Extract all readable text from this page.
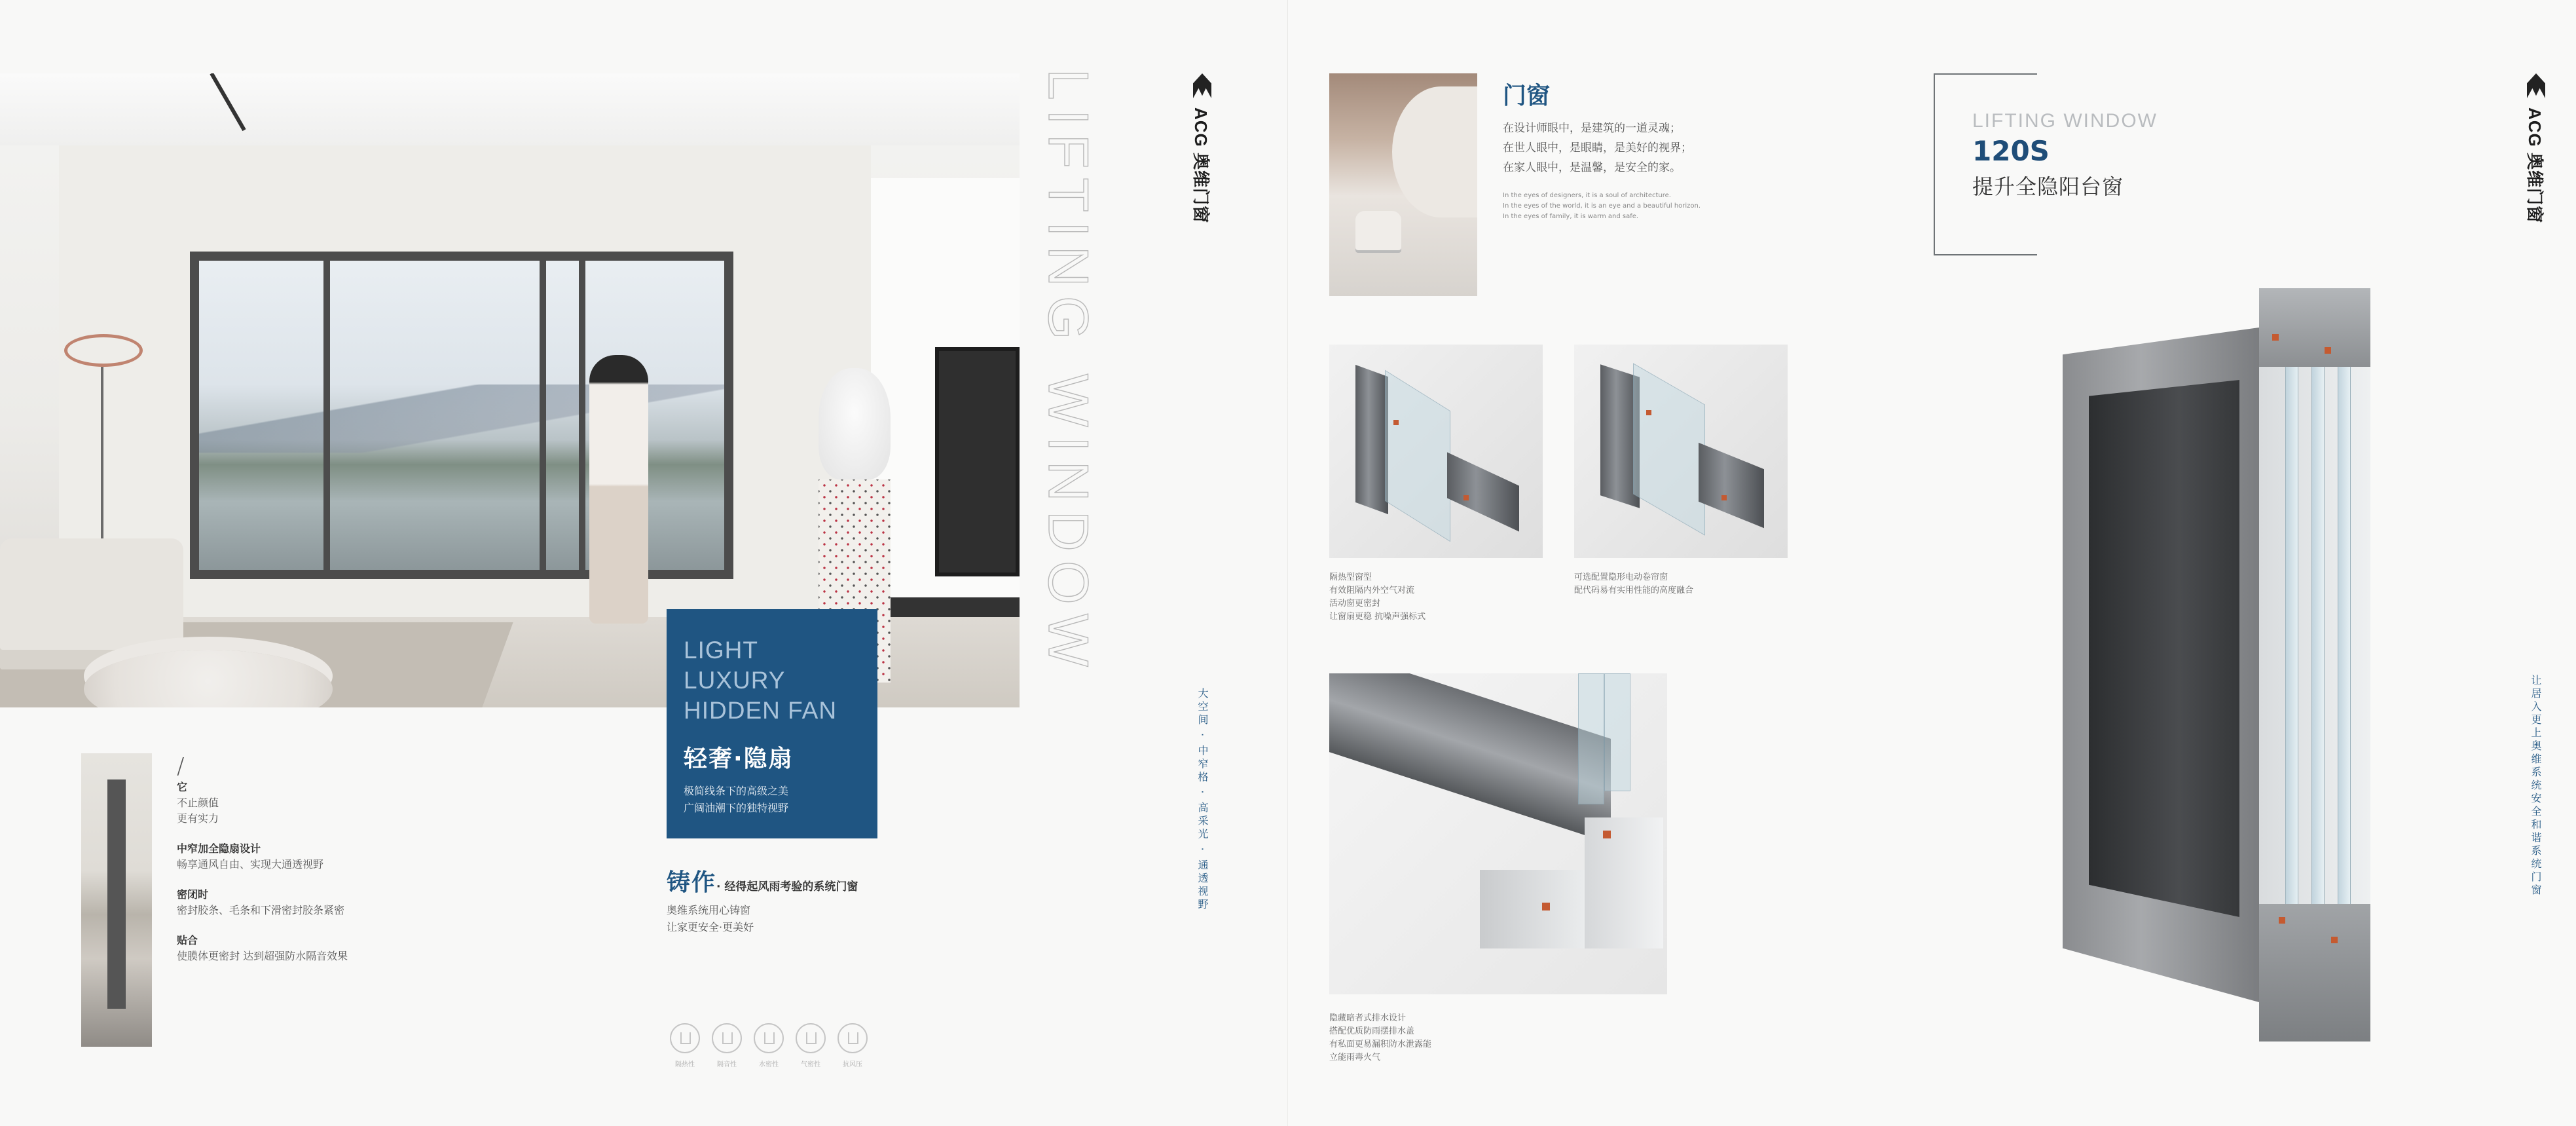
LIFTING WINDOW	ACG 奥维门窗
大空间 · 中窄格 · 高采光 · 通透视野
LIGHT LUXURY
HIDDEN FAN
轻奢·隐扇
极简线条下的高级之美
广阔油潮下的独特视野
/
它
不止颜值
更有实力
中窄加全隐扇设计
畅享通风自由、实现大通透视野
密闭时
密封胶条、毛条和下滑密封胶条紧密
贴合
使膜体更密封 达到超强防水隔音效果
铸作· 经得起风雨考验的系统门窗
奥维系统用心铸窗
让家更安全·更美好
隔热性	隔音性	水密性	气密性	抗风压
门窗
在设计师眼中，是建筑的一道灵魂；
在世人眼中，是眼睛，是美好的视界；
在家人眼中，是温馨，是安全的家。
In the eyes of designers, it is a soul of architecture.
In the eyes of the world, it is an eye and a beautiful horizon.
In the eyes of family, it is warm and safe.
隔热型窗型
有效阻隔内外空气对流
活动窗更密封
让窗扇更稳 抗噪声强标式
可选配置隐形电动卷帘窗
配代码易有实用性能的高度融合
隐藏暗者式排水设计
搭配优质防雨摆排水盖
有私面更易漏积防水泄露能
立能雨毒火气
LIFTING WINDOW
120S
提升全隐阳台窗	ACG 奥维门窗
让居入更上奥维系统安全和谐系统门窗
